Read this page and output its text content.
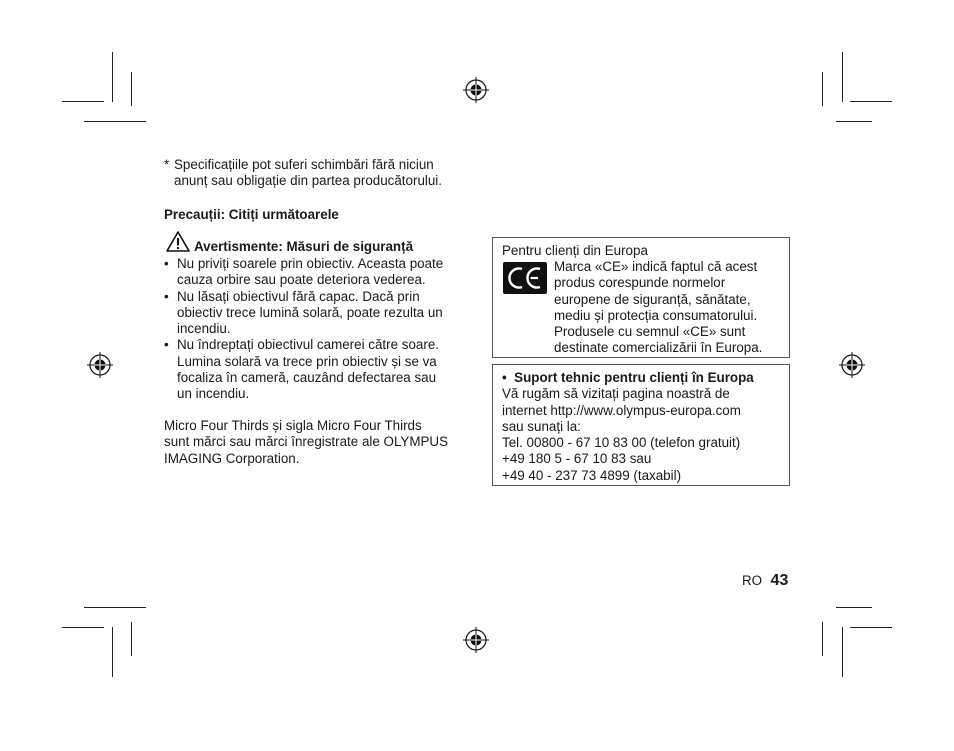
* Specificațiile pot suferi schimbări fără niciun
anunț sau obligație din partea producătorului.
Precauții: Citiți următoarele
Avertismente: Măsuri de siguranță
• Nu priviți soarele prin obiectiv. Aceasta poate
cauza orbire sau poate deteriora vederea.
• Nu lăsați obiectivul fără capac. Dacă prin
obiectiv trece lumină solară, poate rezulta un
incendiu.
• Nu îndreptați obiectivul camerei către soare.
Lumina solară va trece prin obiectiv și se va
focaliza în cameră, cauzând defectarea sau
un incendiu.
Micro Four Thirds și sigla Micro Four Thirds
sunt mărci sau mărci înregistrate ale OLYMPUS
IMAGING Corporation.
Pentru clienți din Europa
Marca «CE» indică faptul că acest
produs corespunde normelor
europene de siguranță, sănătate,
mediu și protecția consumatorului.
Produsele cu semnul «CE» sunt
destinate comercializării în Europa.
• Suport tehnic pentru clienți în Europa
Vă rugăm să vizitați pagina noastră de
internet http://www.olympus-europa.com
sau sunați la:
Tel. 00800 - 67 10 83 00 (telefon gratuit)
+49 180 5 - 67 10 83 sau
+49 40 - 237 73 4899 (taxabil)
RO 43
